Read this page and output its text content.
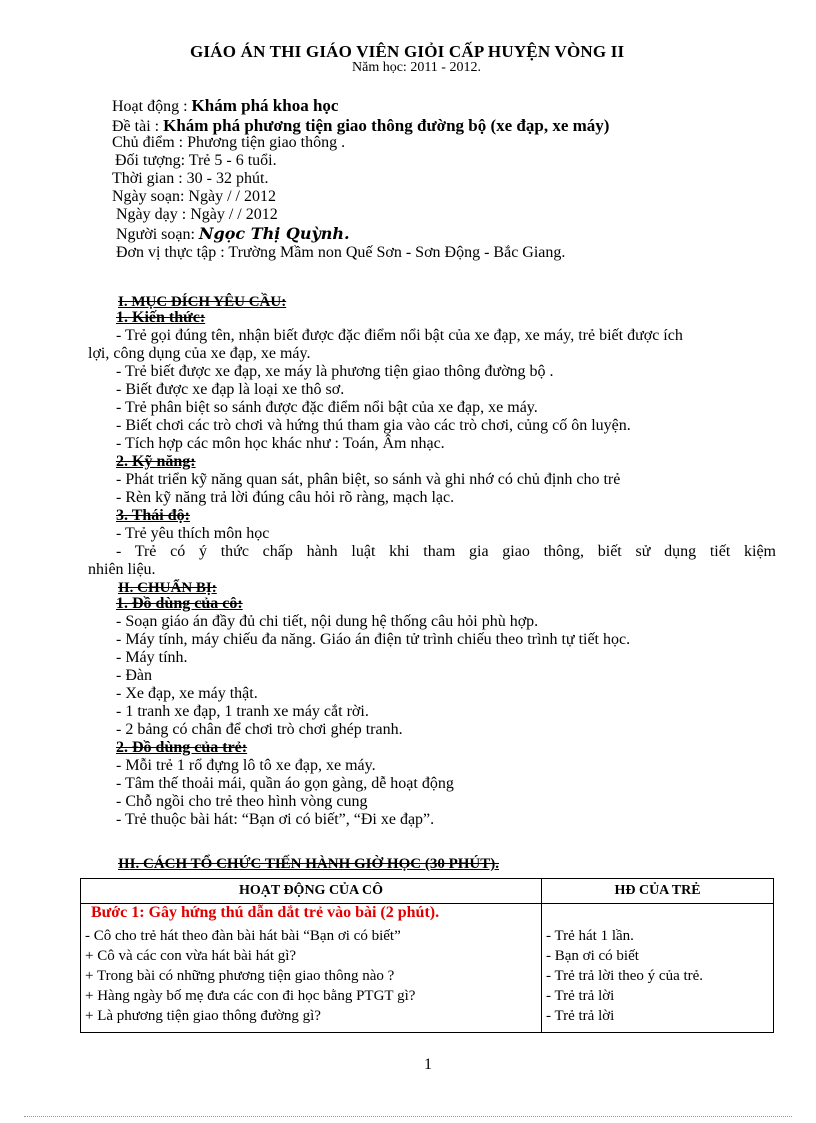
GIÁO ÁN THI GIÁO VIÊN GIỎI CẤP HUYỆN VÒNG II
Năm học: 2011 - 2012.
Hoạt động : Khám phá khoa học
Đề tài : Khám phá phương tiện giao thông đường bộ (xe đạp, xe máy)
Chủ điểm : Phương tiện giao thông .
Đối tượng: Trẻ 5 - 6 tuổi.
Thời gian : 30 - 32 phút.
Ngày soạn: Ngày / / 2012
Ngày dạy : Ngày / / 2012
Người soạn: Ngọc Thị Quỳnh.
Đơn vị thực tập : Trường Mầm non Quế Sơn - Sơn Động - Bắc Giang.
I. MỤC ĐÍCH YÊU CẦU:
1. Kiến thức:
- Trẻ gọi đúng tên, nhận biết được đặc điểm nổi bật của xe đạp, xe máy, trẻ biết được ích
lợi, công dụng của xe đạp, xe máy.
- Trẻ biết được xe đạp, xe máy là phương tiện giao thông đường bộ .
- Biết được xe đạp là loại xe thô sơ.
- Trẻ phân biệt so sánh được đặc điểm nổi bật của xe đạp, xe máy.
- Biết chơi các trò chơi và hứng thú tham gia vào các trò chơi, củng cố ôn luyện.
- Tích hợp các môn học khác như : Toán, Âm nhạc.
2. Kỹ năng:
- Phát triển kỹ năng quan sát, phân biệt, so sánh và ghi nhớ có chủ định cho trẻ
- Rèn kỹ năng trả lời đúng câu hỏi rõ ràng, mạch lạc.
3. Thái độ:
- Trẻ yêu thích môn học
- Trẻ có ý thức chấp hành luật khi tham gia giao thông, biết sử dụng tiết kiệm
nhiên liệu.
II. CHUẨN BỊ:
1. Đồ dùng của cô:
- Soạn giáo án đầy đủ chi tiết, nội dung hệ thống câu hỏi phù hợp.
- Máy tính, máy chiếu đa năng. Giáo án điện tử trình chiếu theo trình tự tiết học.
- Máy tính.
- Đàn
- Xe đạp, xe máy thật.
- 1 tranh xe đạp, 1 tranh xe máy cắt rời.
- 2 bảng có chân để chơi trò chơi ghép tranh.
2. Đồ dùng của trẻ:
- Mỗi trẻ 1 rổ đựng lô tô xe đạp, xe máy.
- Tâm thế thoải mái, quần áo gọn gàng, dễ hoạt động
- Chỗ ngồi cho trẻ theo hình vòng cung
- Trẻ thuộc bài hát: “Bạn ơi có biết”, “Đi xe đạp”.
III. CÁCH TỔ CHỨC TIẾN HÀNH GIỜ HỌC (30 PHÚT).
HOẠT ĐỘNG CỦA CÔ	HĐ CỦA TRẺ
Bước 1: Gây hứng thú dẫn dắt trẻ vào bài (2 phút).	
- Cô cho trẻ hát theo đàn bài hát bài “Bạn ơi có biết”	- Trẻ hát 1 lần.
+ Cô và các con vừa hát bài hát gì?	- Bạn ơi có biết
+ Trong bài có những phương tiện giao thông nào ?	- Trẻ trả lời theo ý của trẻ.
+ Hàng ngày bố mẹ đưa các con đi học bằng PTGT gì?	- Trẻ trả lời
+ Là phương tiện giao thông đường gì?	- Trẻ trả lời
1
